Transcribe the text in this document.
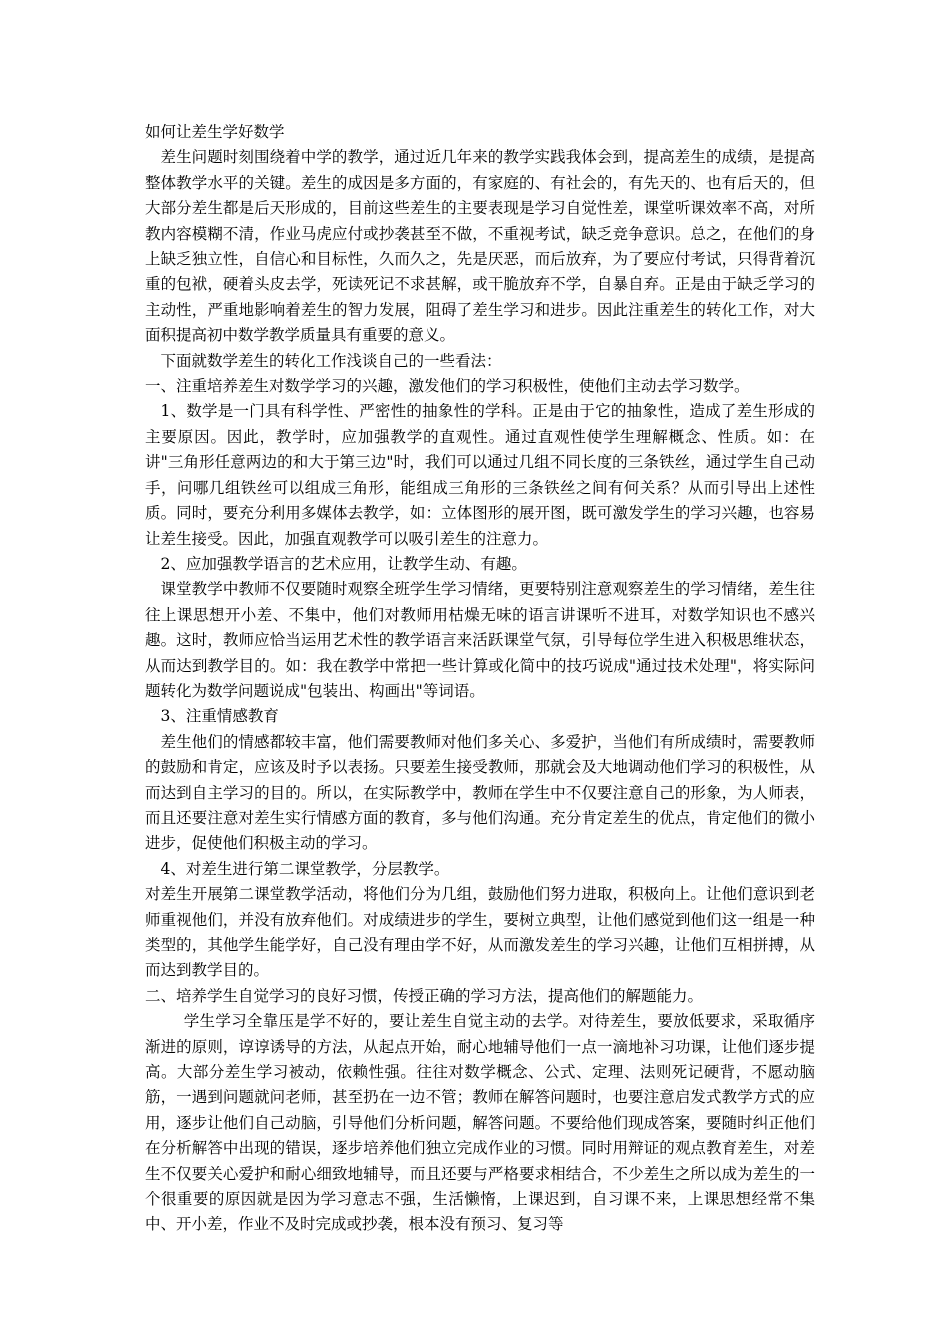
如何让差生学好数学

差生问题时刻围绕着中学的教学，通过近几年来的教学实践我体会到，提高差生的成绩，是提高整体教学水平的关键。差生的成因是多方面的，有家庭的、有社会的，有先天的、也有后天的，但大部分差生都是后天形成的，目前这些差生的主要表现是学习自觉性差，课堂听课效率不高，对所教内容模糊不清，作业马虎应付或抄袭甚至不做，不重视考试，缺乏竞争意识。总之，在他们的身上缺乏独立性，自信心和目标性，久而久之，先是厌恶，而后放弃，为了要应付考试，只得背着沉重的包袱，硬着头皮去学，死读死记不求甚解，或干脆放弃不学，自暴自弃。正是由于缺乏学习的主动性，严重地影响着差生的智力发展，阻碍了差生学习和进步。因此注重差生的转化工作，对大面积提高初中数学教学质量具有重要的意义。

下面就数学差生的转化工作浅谈自己的一些看法：

一、注重培养差生对数学学习的兴趣，激发他们的学习积极性，使他们主动去学习数学。

1、数学是一门具有科学性、严密性的抽象性的学科。正是由于它的抽象性，造成了差生形成的主要原因。因此，教学时，应加强教学的直观性。通过直观性使学生理解概念、性质。如：在讲"三角形任意两边的和大于第三边"时，我们可以通过几组不同长度的三条铁丝，通过学生自己动手，问哪几组铁丝可以组成三角形，能组成三角形的三条铁丝之间有何关系？从而引导出上述性质。同时，要充分利用多媒体去教学，如：立体图形的展开图，既可激发学生的学习兴趣，也容易让差生接受。因此，加强直观教学可以吸引差生的注意力。

2、应加强教学语言的艺术应用，让教学生动、有趣。

课堂教学中教师不仅要随时观察全班学生学习情绪，更要特别注意观察差生的学习情绪，差生往往上课思想开小差、不集中，他们对教师用枯燥无味的语言讲课听不进耳，对数学知识也不感兴趣。这时，教师应恰当运用艺术性的教学语言来活跃课堂气氛，引导每位学生进入积极思维状态，从而达到教学目的。如：我在教学中常把一些计算或化简中的技巧说成"通过技术处理"，将实际问题转化为数学问题说成"包装出、构画出"等词语。

3、注重情感教育

差生他们的情感都较丰富，他们需要教师对他们多关心、多爱护，当他们有所成绩时，需要教师的鼓励和肯定，应该及时予以表扬。只要差生接受教师，那就会及大地调动他们学习的积极性，从而达到自主学习的目的。所以，在实际教学中，教师在学生中不仅要注意自己的形象，为人师表，而且还要注意对差生实行情感方面的教育，多与他们沟通。充分肯定差生的优点，肯定他们的微小进步，促使他们积极主动的学习。

4、对差生进行第二课堂教学，分层教学。

对差生开展第二课堂教学活动，将他们分为几组，鼓励他们努力进取，积极向上。让他们意识到老师重视他们，并没有放弃他们。对成绩进步的学生，要树立典型，让他们感觉到他们这一组是一种类型的，其他学生能学好，自己没有理由学不好，从而激发差生的学习兴趣，让他们互相拼搏，从而达到教学目的。

二、培养学生自觉学习的良好习惯，传授正确的学习方法，提高他们的解题能力。

学生学习全靠压是学不好的，要让差生自觉主动的去学。对待差生，要放低要求，采取循序渐进的原则，谆谆诱导的方法，从起点开始，耐心地辅导他们一点一滴地补习功课，让他们逐步提高。大部分差生学习被动，依赖性强。往往对数学概念、公式、定理、法则死记硬背，不愿动脑筋，一遇到问题就问老师，甚至扔在一边不管；教师在解答问题时，也要注意启发式教学方式的应用，逐步让他们自己动脑，引导他们分析问题，解答问题。不要给他们现成答案，要随时纠正他们在分析解答中出现的错误，逐步培养他们独立完成作业的习惯。同时用辩证的观点教育差生，对差生不仅要关心爱护和耐心细致地辅导，而且还要与严格要求相结合，不少差生之所以成为差生的一个很重要的原因就是因为学习意志不强，生活懒惰，上课迟到，自习课不来，上课思想经常不集中、开小差，作业不及时完成或抄袭，根本没有预习、复习等
